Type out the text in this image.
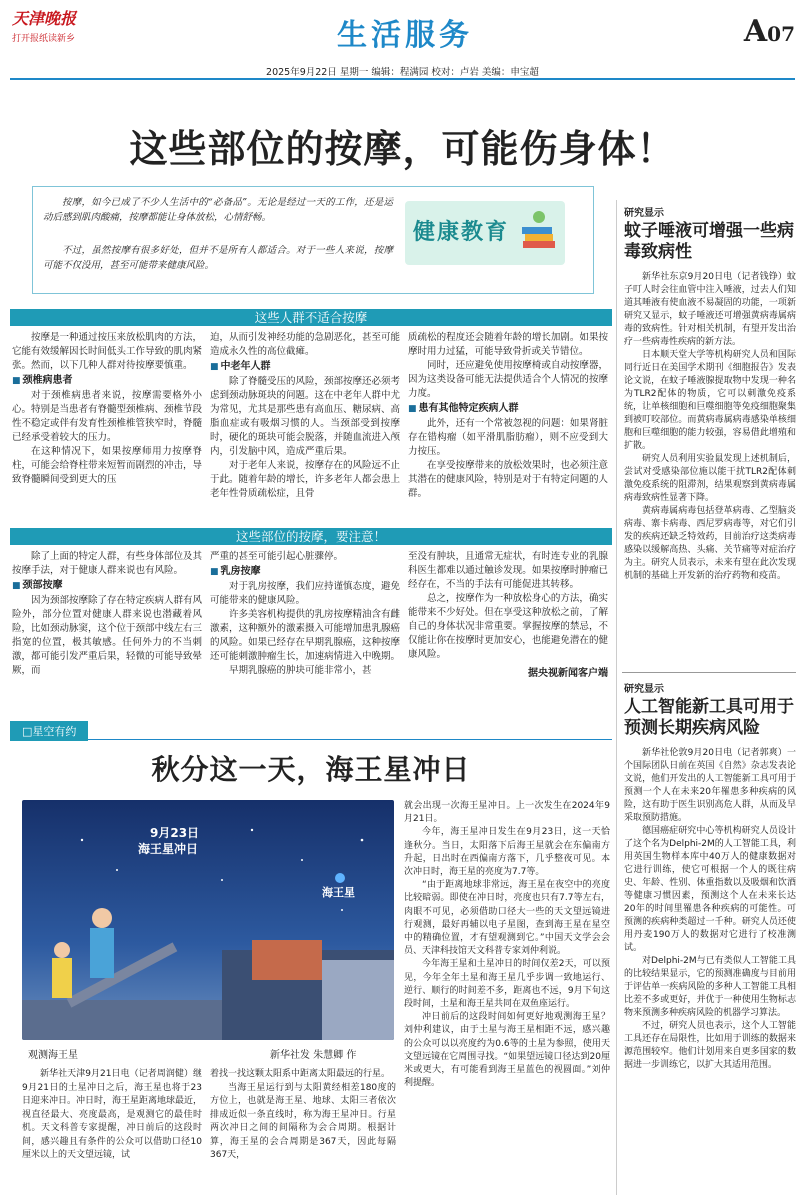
天津晚报
打开报纸读新乡	生活服务	A07
2025年9月22日 星期一 编辑：程满园 校对：卢岩 美编：申宝超
这些部位的按摩，可能伤身体！

按摩，如今已成了不少人生活中的“必备品”。无论是经过一天的工作，还是运动后感到肌肉酸痛，按摩都能让身体放松，心情舒畅。

不过，虽然按摩有很多好处，但并不是所有人都适合。对于一些人来说，按摩可能不仅没用，甚至可能带来健康风险。

健康教育
这些人群不适合按摩

按摩是一种通过按压来放松肌肉的方法，它能有效缓解因长时间低头工作导致的肌肉紧张。然而，以下几种人群对待按摩要慎重。

■ 颈椎病患者

对于颈椎病患者来说，按摩需要格外小心。特别是当患者有脊髓型颈椎病、颈椎节段性不稳定或伴有发育性颈椎椎管狭窄时，脊髓已经承受着较大的压力。

在这种情况下，如果按摩师用力按摩脊柱，可能会给脊柱带来短暂而剧烈的冲击，导致脊髓瞬间受到更大的压

迫，从而引发神经功能的急剧恶化，甚至可能造成永久性的高位截瘫。

■ 中老年人群

除了脊髓受压的风险，颈部按摩还必须考虑到颈动脉斑块的问题。这在中老年人群中尤为常见，尤其是那些患有高血压、糖尿病、高脂血症或有吸烟习惯的人。当颈部受到按摩时，硬化的斑块可能会脱落，并随血流进入颅内，引发脑中风，造成严重后果。

对于老年人来说，按摩存在的风险远不止于此。随着年龄的增长，许多老年人都会患上老年性骨质疏松症，且骨

质疏松的程度还会随着年龄的增长加剧。如果按摩时用力过猛，可能导致骨折或关节错位。

同时，还应避免使用按摩椅或自动按摩器，因为这类设备可能无法提供适合个人情况的按摩力度。

■ 患有其他特定疾病人群

此外，还有一个常被忽视的问题：如果肾脏存在错构瘤（如平滑肌脂肪瘤），则不应受到大力按压。

在享受按摩带来的放松效果时，也必须注意其潜在的健康风险，特别是对于有特定问题的人群。

这些部位的按摩，要注意！

除了上面的特定人群，有些身体部位及其按摩手法，对于健康人群来说也有风险。

■ 颈部按摩

因为颈部按摩除了存在特定疾病人群有风险外，部分位置对健康人群来说也潜藏着风险，比如颈动脉窦，这个位于颈部中线左右三指宽的位置，极其敏感。任何外力的不当刺激，都可能引发严重后果，轻微的可能导致晕厥，而

严重的甚至可能引起心脏骤停。

■ 乳房按摩

对于乳房按摩，我们应持谨慎态度，避免可能带来的健康风险。

许多美容机构提供的乳房按摩精油含有雌激素，这种额外的激素摄入可能增加患乳腺癌的风险。如果已经存在早期乳腺癌，这种按摩还可能刺激肿瘤生长，加速病情进入中晚期。

早期乳腺癌的肿块可能非常小，甚

至没有肿块，且通常无症状，有时连专业的乳腺科医生都难以通过触诊发现。如果按摩时肿瘤已经存在，不当的手法有可能促进其转移。

总之，按摩作为一种放松身心的方法，确实能带来不少好处。但在享受这种放松之前，了解自己的身体状况非常重要。掌握按摩的禁忌，不仅能让你在按摩时更加安心，也能避免潜在的健康风险。

据央视新闻客户端
研究显示
蚊子唾液可增强一些病毒致病性

新华社东京9月20日电（记者钱铮）蚊子叮人时会往血管中注入唾液，过去人们知道其唾液有使血液不易凝固的功能，一项新研究又显示，蚊子唾液还可增强黄病毒属病毒的致病性。针对相关机制，有望开发出治疗一些病毒性疾病的新方法。

日本顺天堂大学等机构研究人员和国际同行近日在美国学术期刊《细胞报告》发表论文说，在蚊子唾液腺提取物中发现一种名为TLR2配体的物质，它可以刺激免疫系统，让单核细胞和巨噬细胞等免疫细胞聚集到被叮咬部位。而黄病毒属病毒感染单核细胞和巨噬细胞的能力较强，容易借此增殖和扩散。

研究人员利用实验鼠发现上述机制后，尝试对受感染部位施以能干扰TLR2配体刺激免疫系统的阻滞剂，结果观察到黄病毒属病毒致病性显著下降。

黄病毒属病毒包括登革病毒、乙型脑炎病毒、寨卡病毒、西尼罗病毒等，对它们引发的疾病还缺乏特效药，目前治疗这类病毒感染以缓解高热、头痛、关节痛等对症治疗为主。研究人员表示，未来有望在此次发现机制的基础上开发新的治疗药物和疫苗。

研究显示
人工智能新工具可用于预测长期疾病风险

新华社伦敦9月20日电（记者郭爽）一个国际团队日前在英国《自然》杂志发表论文说，他们开发出的人工智能新工具可用于预测一个人在未来20年罹患多种疾病的风险，这有助于医生识别高危人群，从而及早采取预防措施。

德国癌症研究中心等机构研究人员设计了这个名为Delphi-2M的人工智能工具，利用英国生物样本库中40万人的健康数据对它进行训练，使它可根据一个人的既往病史、年龄、性别、体重指数以及吸烟和饮酒等健康习惯因素，预测这个人在未来长达20年的时间里罹患各种疾病的可能性。可预测的疾病种类超过一千种。研究人员还使用丹麦190万人的数据对它进行了校准测试。

对Delphi-2M与已有类似人工智能工具的比较结果显示，它的预测准确度与目前用于评估单一疾病风险的多种人工智能工具相比差不多或更好，并优于一种使用生物标志物来预测多种疾病风险的机器学习算法。

不过，研究人员也表示，这个人工智能工具还存在局限性，比如用于训练的数据来源范围较窄。他们计划用来自更多国家的数据进一步训练它，以扩大其适用范围。

□星空有约
秋分这一天，海王星冲日
9月23日
海王星冲日
海王星
观测海王星	新华社发 朱慧卿 作

新华社天津9月21日电（记者周润健）继9月21日的土星冲日之后，海王星也将于23日迎来冲日。冲日时，海王星距离地球最近，视直径最大、亮度最高，是观测它的最佳时机。天文科普专家提醒，冲日前后的这段时间，感兴趣且有条件的公众可以借助口径10厘米以上的天文望远镜，试

着找一找这颗太阳系中距离太阳最远的行星。

当海王星运行到与太阳黄经相差180度的方位上，也就是海王星、地球、太阳三者依次排成近似一条直线时，称为海王星冲日。行星两次冲日之间的间隔称为会合周期。根据计算，海王星的会合周期是367天，因此每隔367天，

就会出现一次海王星冲日。上一次发生在2024年9月21日。

今年，海王星冲日发生在9月23日，这一天恰逢秋分。当日，太阳落下后海王星就会在东偏南方升起，日出时在西偏南方落下，几乎整夜可见。本次冲日时，海王星的亮度为7.7等。

“由于距离地球非常远，海王星在夜空中的亮度比较暗弱。即使在冲日时，亮度也只有7.7等左右，肉眼不可见，必须借助口径大一些的天文望远镜进行观测，最好再辅以电子星图，查到海王星在星空中的精确位置，才有望观测到它。”中国天文学会会员、天津科技馆天文科普专家刘仲利说。

今年海王星和土星冲日的时间仅差2天，可以预见，今年全年土星和海王星几乎步调一致地运行、逆行、顺行的时间差不多，距离也不远，9月下旬这段时间，土星和海王星共同在双鱼座运行。

冲日前后的这段时间如何更好地观测海王星？刘仲利建议，由于土星与海王星相距不远，感兴趣的公众可以以亮度约为0.6等的土星为参照，使用天文望远镜在它周围寻找。“如果望远镜口径达到20厘米或更大，有可能看到海王星蓝色的视圆面。”刘仲利提醒。
